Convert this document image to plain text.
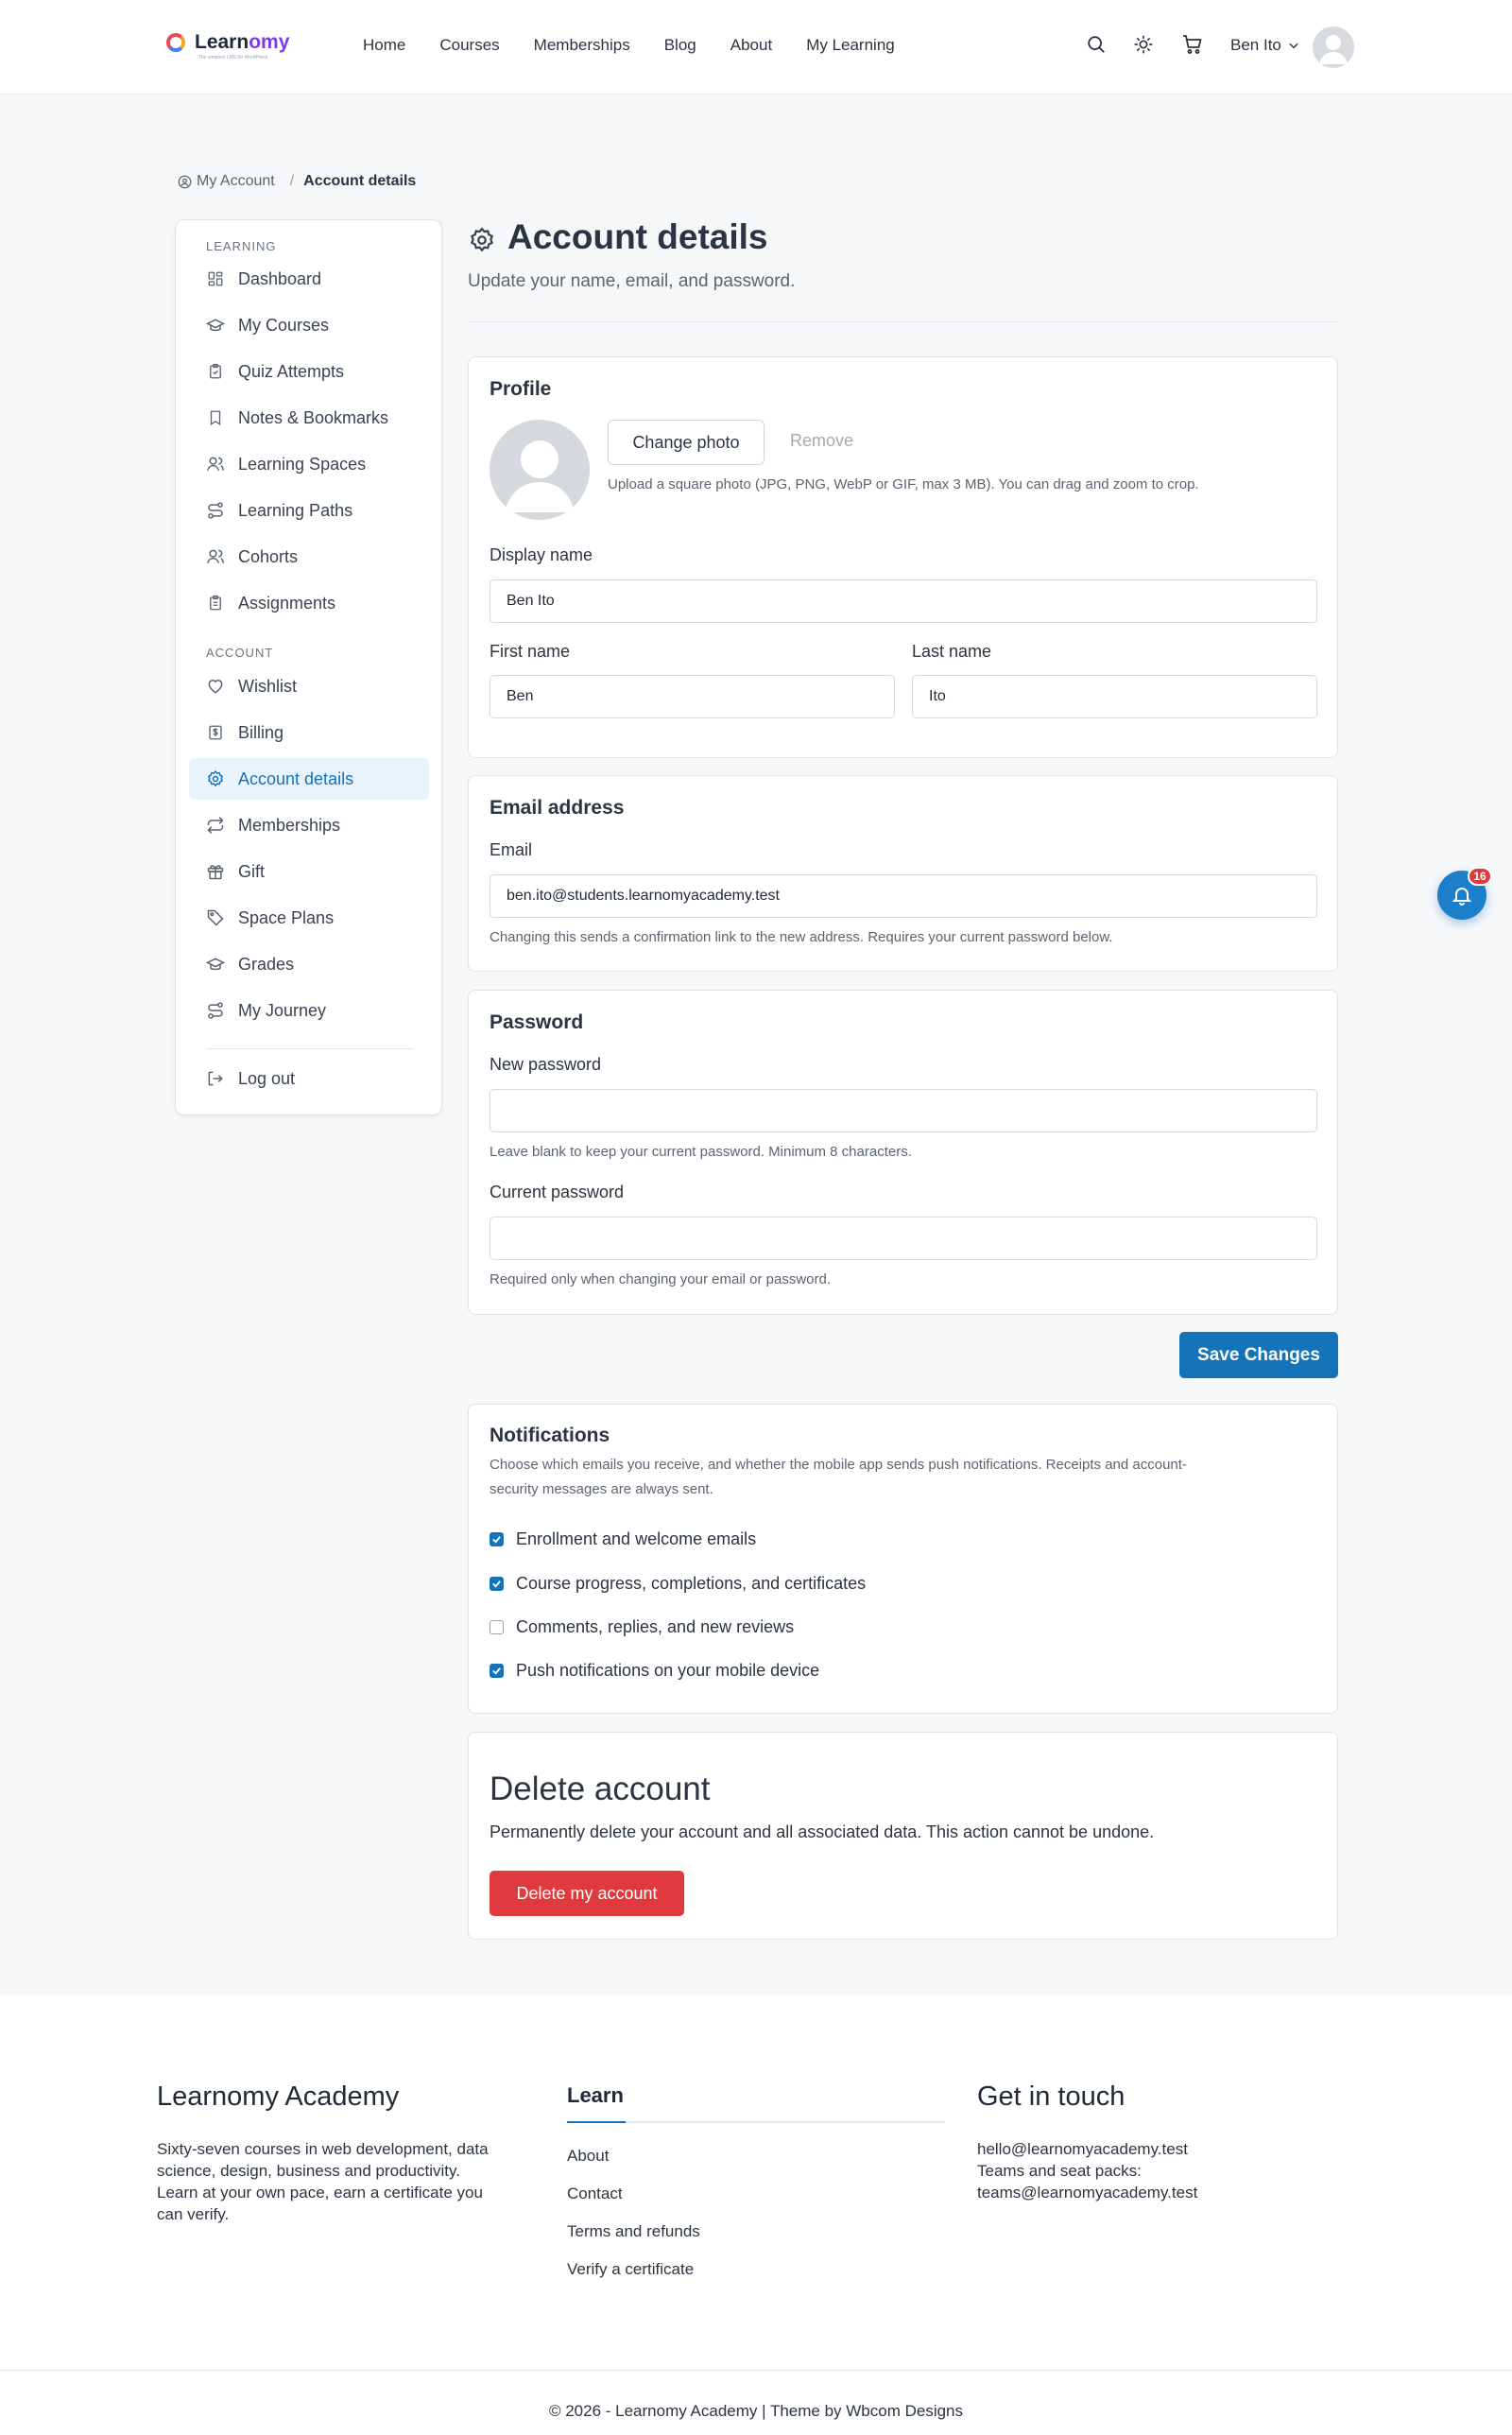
Learnomy
The simplest LMS for WordPress
Home Courses Memberships Blog About My Learning	Ben Ito
My Account / Account details
LEARNING
Dashboard
My Courses
Quiz Attempts
Notes & Bookmarks
Learning Spaces
Learning Paths
Cohorts
Assignments
ACCOUNT
Wishlist
Billing
Account details
Memberships
Gift
Space Plans
Grades
My Journey
Log out
Account details
Update your name, email, and password.
Profile
Change photo	Remove
Upload a square photo (JPG, PNG, WebP or GIF, max 3 MB). You can drag and zoom to crop.
Display name
Ben Ito
First name
Ben
Last name
Ito
Email address
Email
ben.ito@students.learnomyacademy.test
Changing this sends a confirmation link to the new address. Requires your current password below.
Password
New password
Leave blank to keep your current password. Minimum 8 characters.
Current password
Required only when changing your email or password.
Save Changes
Notifications
Choose which emails you receive, and whether the mobile app sends push notifications. Receipts and account-
security messages are always sent.
Enrollment and welcome emails
Course progress, completions, and certificates
Comments, replies, and new reviews
Push notifications on your mobile device
Delete account
Permanently delete your account and all associated data. This action cannot be undone.
Delete my account
16
Learnomy Academy
Sixty-seven courses in web development, data
science, design, business and productivity.
Learn at your own pace, earn a certificate you
can verify.
Learn
About
Contact
Terms and refunds
Verify a certificate
Get in touch
hello@learnomyacademy.test
Teams and seat packs:
teams@learnomyacademy.test
© 2026 - Learnomy Academy | Theme by Wbcom Designs
